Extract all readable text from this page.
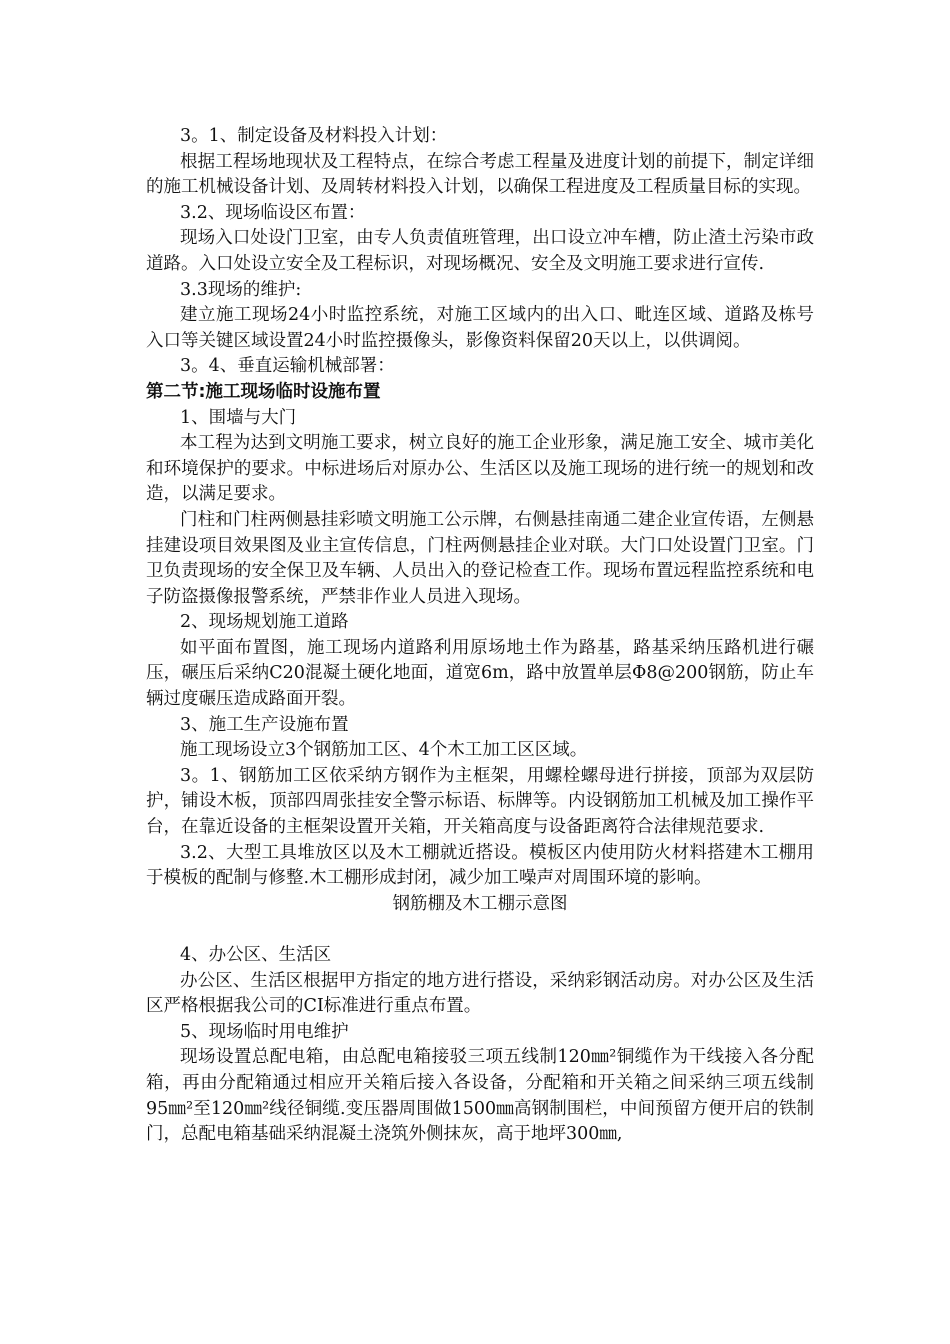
3。1、制定设备及材料投入计划：

根据工程场地现状及工程特点，在综合考虑工程量及进度计划的前提下，制定详细的施工机械设备计划、及周转材料投入计划，以确保工程进度及工程质量目标的实现。

3.2、现场临设区布置：

现场入口处设门卫室，由专人负责值班管理，出口设立冲车槽，防止渣土污染市政道路。入口处设立安全及工程标识，对现场概况、安全及文明施工要求进行宣传.

3.3现场的维护:

建立施工现场24小时监控系统，对施工区域内的出入口、毗连区域、道路及栋号入口等关键区域设置24小时监控摄像头，影像资料保留20天以上，以供调阅。

3。4、垂直运输机械部署：

第二节:施工现场临时设施布置

1、围墙与大门

本工程为达到文明施工要求，树立良好的施工企业形象，满足施工安全、城市美化和环境保护的要求。中标进场后对原办公、生活区以及施工现场的进行统一的规划和改造，以满足要求。

门柱和门柱两侧悬挂彩喷文明施工公示牌，右侧悬挂南通二建企业宣传语，左侧悬挂建设项目效果图及业主宣传信息，门柱两侧悬挂企业对联。大门口处设置门卫室。门卫负责现场的安全保卫及车辆、人员出入的登记检查工作。现场布置远程监控系统和电子防盗摄像报警系统，严禁非作业人员进入现场。

2、现场规划施工道路

如平面布置图，施工现场内道路利用原场地土作为路基，路基采纳压路机进行碾压，碾压后采纳C20混凝土硬化地面，道宽6m，路中放置单层Φ8@200钢筋，防止车辆过度碾压造成路面开裂。

3、施工生产设施布置

施工现场设立3个钢筋加工区、4个木工加工区区域。

3。1、钢筋加工区依采纳方钢作为主框架，用螺栓螺母进行拼接，顶部为双层防护，铺设木板，顶部四周张挂安全警示标语、标牌等。内设钢筋加工机械及加工操作平台，在靠近设备的主框架设置开关箱，开关箱高度与设备距离符合法律规范要求.

3.2、大型工具堆放区以及木工棚就近搭设。模板区内使用防火材料搭建木工棚用于模板的配制与修整.木工棚形成封闭，减少加工噪声对周围环境的影响。

钢筋棚及木工棚示意图

4、办公区、生活区

办公区、生活区根据甲方指定的地方进行搭设，采纳彩钢活动房。对办公区及生活区严格根据我公司的CI标准进行重点布置。

5、现场临时用电维护

现场设置总配电箱，由总配电箱接驳三项五线制120㎜²铜缆作为干线接入各分配箱，再由分配箱通过相应开关箱后接入各设备，分配箱和开关箱之间采纳三项五线制95㎜²至120㎜²线径铜缆.变压器周围做1500㎜高钢制围栏，中间预留方便开启的铁制门，总配电箱基础采纳混凝土浇筑外侧抹灰，高于地坪300㎜,
